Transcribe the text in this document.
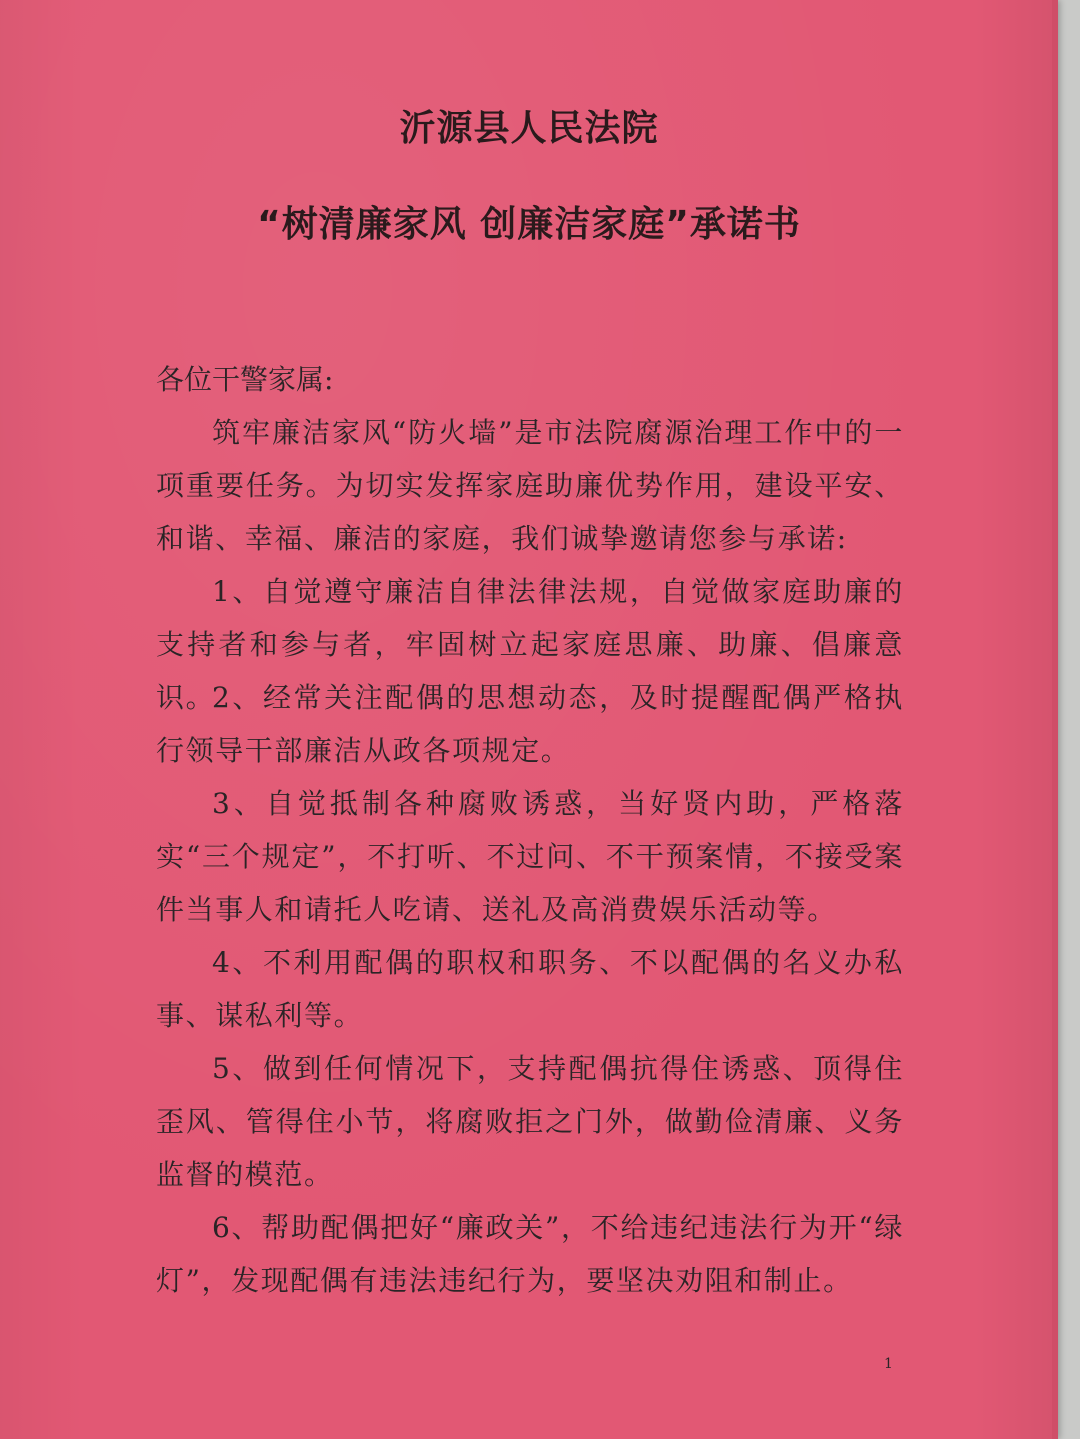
沂源县人民法院
“树清廉家风 创廉洁家庭”承诺书
各位干警家属:
筑牢廉洁家风“防火墙”是市法院腐源治理工作中的一项重要任务。为切实发挥家庭助廉优势作用，建设平安、和谐、幸福、廉洁的家庭，我们诚挚邀请您参与承诺:
1、自觉遵守廉洁自律法律法规，自觉做家庭助廉的支持者和参与者，牢固树立起家庭思廉、助廉、倡廉意识。
2、经常关注配偶的思想动态，及时提醒配偶严格执行领导干部廉洁从政各项规定。
3、自觉抵制各种腐败诱惑，当好贤内助，严格落实“三个规定”，不打听、不过问、不干预案情，不接受案件当事人和请托人吃请、送礼及高消费娱乐活动等。
4、不利用配偶的职权和职务、不以配偶的名义办私事、谋私利等。
5、做到任何情况下，支持配偶抗得住诱惑、顶得住歪风、管得住小节，将腐败拒之门外，做勤俭清廉、义务监督的模范。
6、帮助配偶把好“廉政关”，不给违纪违法行为开“绿灯”，发现配偶有违法违纪行为，要坚决劝阻和制止。
1
